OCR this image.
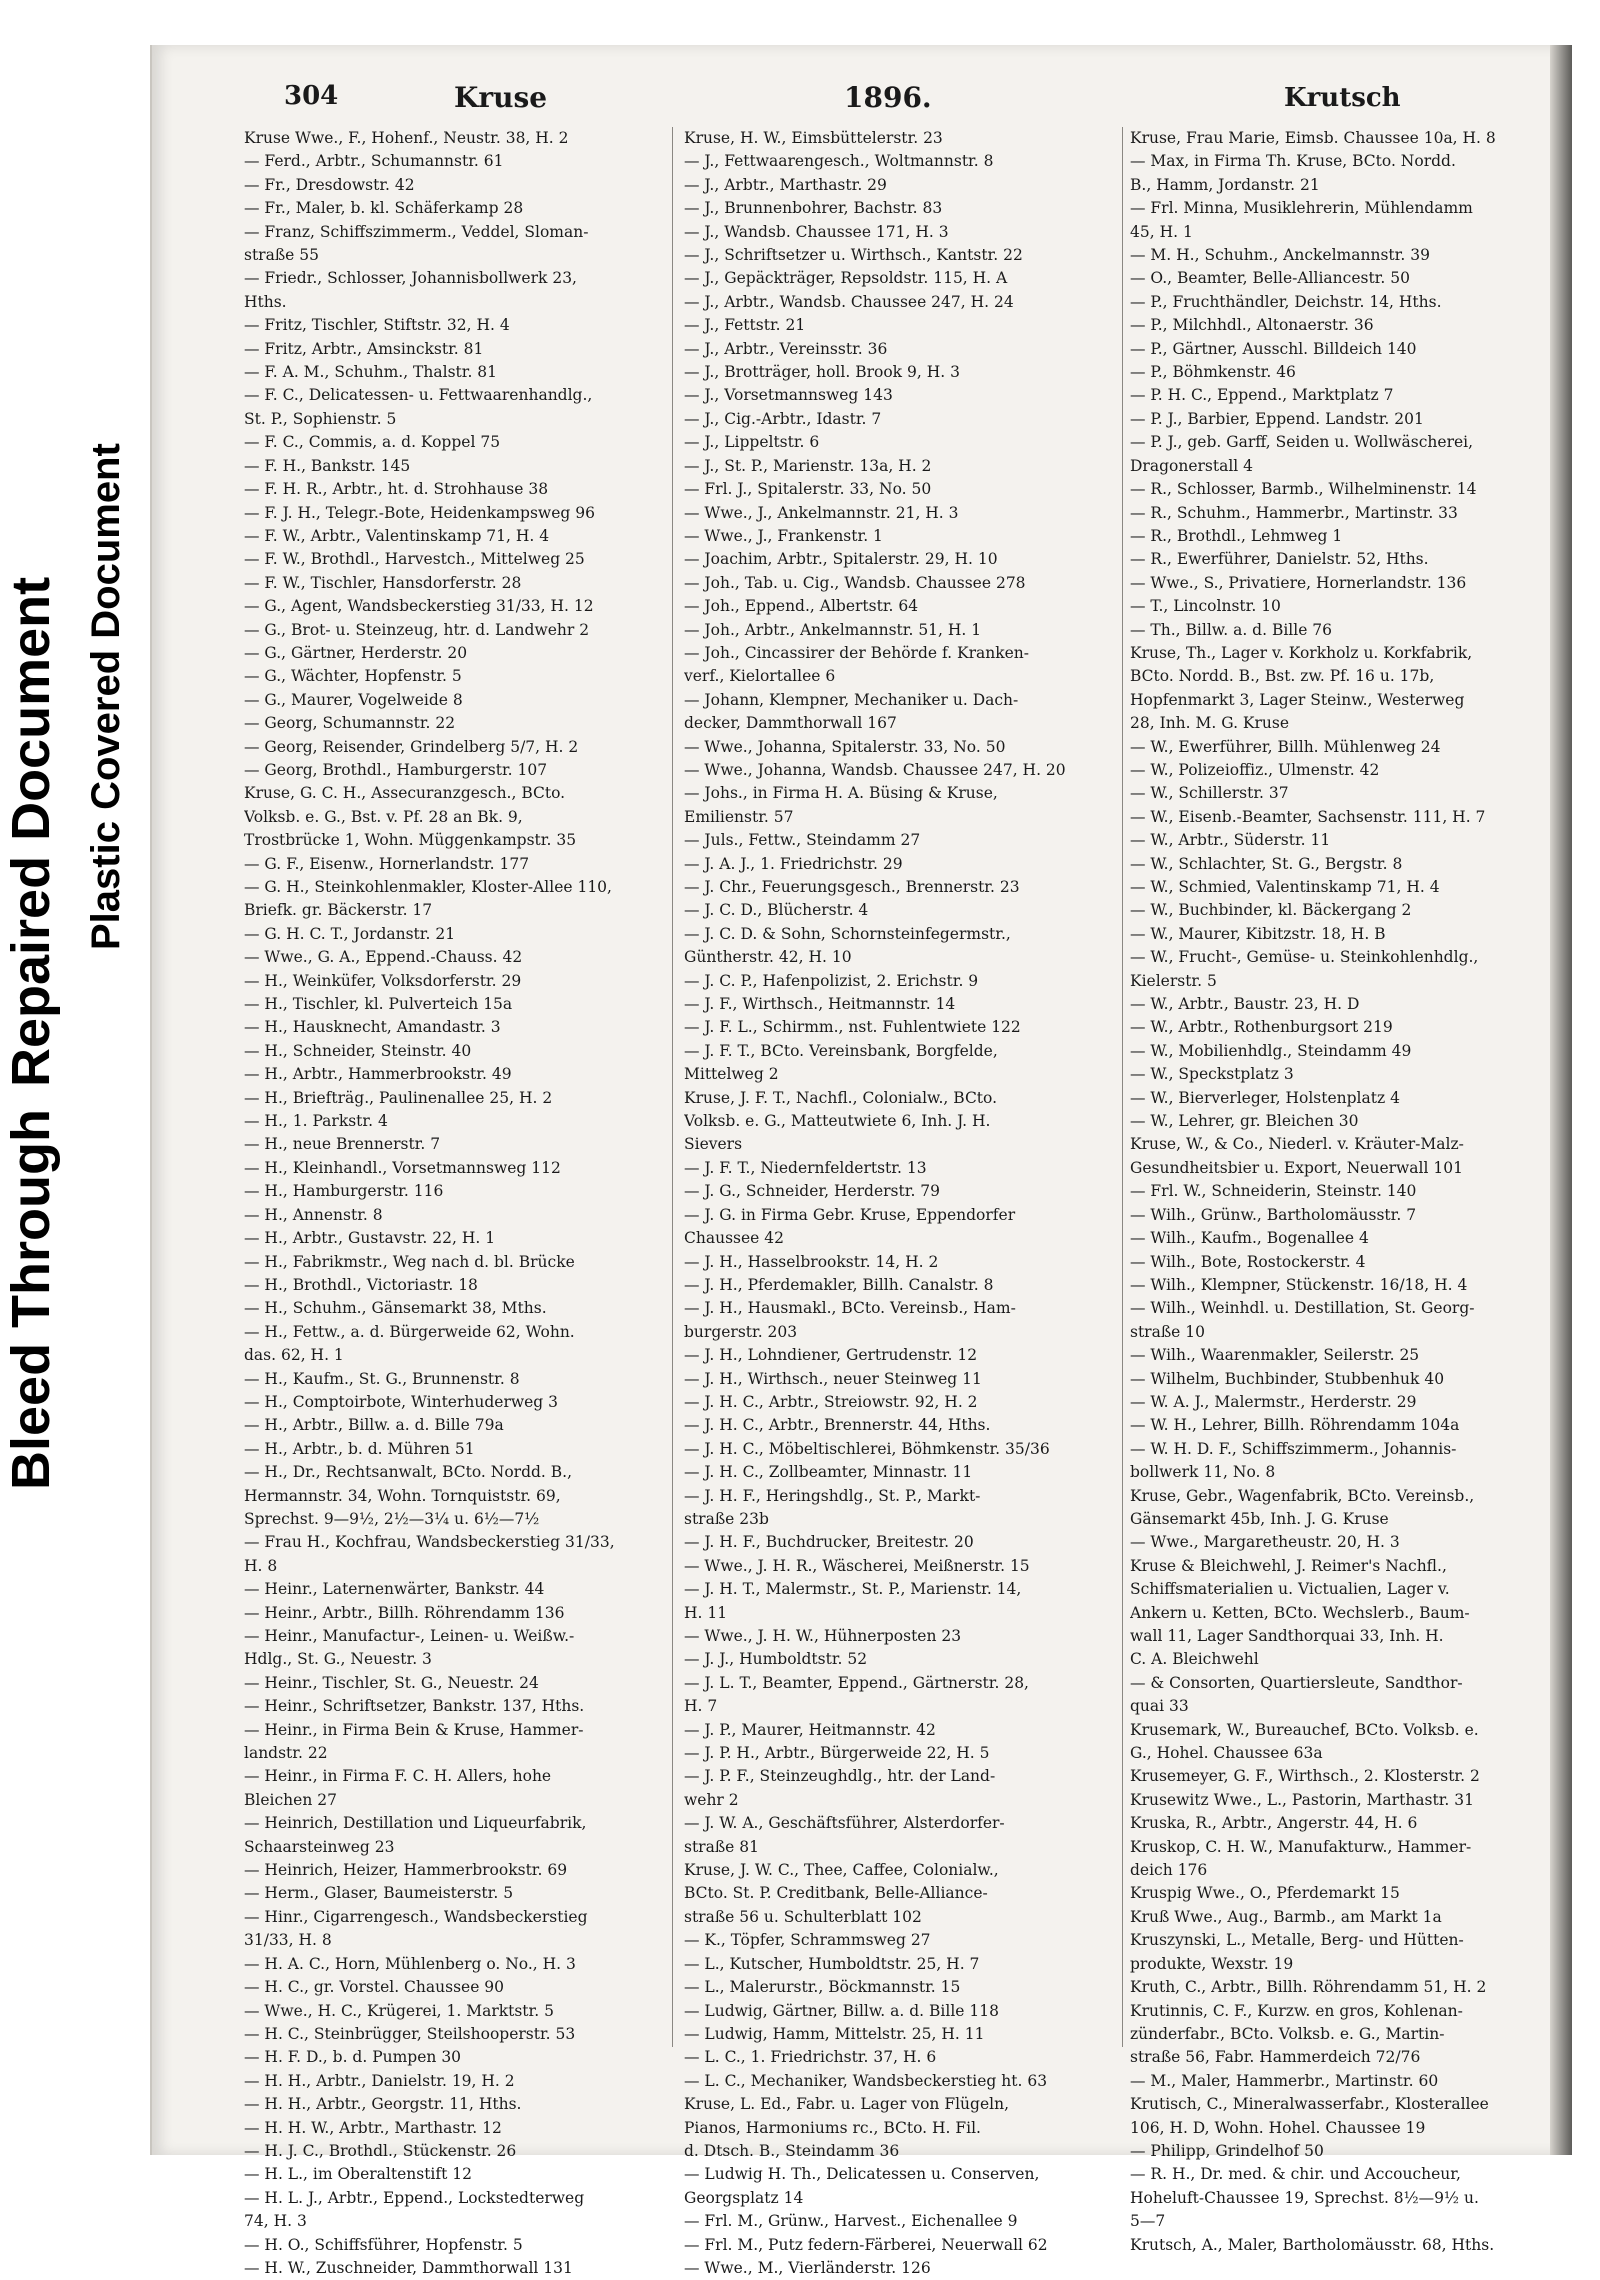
Bleed ThroughRepaired Document Plastic Covered Document
304	Kruse	1896.	Krutsch
Kruse Wwe., F., Hohenf., Neustr. 38, H. 2
— Ferd., Arbtr., Schumannstr. 61
— Fr., Dresdowstr. 42
— Fr., Maler, b. kl. Schäferkamp 28
— Franz, Schiffszimmerm., Veddel, Sloman-
straße 55
— Friedr., Schlosser, Johannisbollwerk 23,
Hths.
— Fritz, Tischler, Stiftstr. 32, H. 4
— Fritz, Arbtr., Amsinckstr. 81
— F. A. M., Schuhm., Thalstr. 81
— F. C., Delicatessen- u. Fettwaarenhandlg.,
St. P., Sophienstr. 5
— F. C., Commis, a. d. Koppel 75
— F. H., Bankstr. 145
— F. H. R., Arbtr., ht. d. Strohhause 38
— F. J. H., Telegr.-Bote, Heidenkampsweg 96
— F. W., Arbtr., Valentinskamp 71, H. 4
— F. W., Brothdl., Harvestch., Mittelweg 25
— F. W., Tischler, Hansdorferstr. 28
— G., Agent, Wandsbeckerstieg 31/33, H. 12
— G., Brot- u. Steinzeug, htr. d. Landwehr 2
— G., Gärtner, Herderstr. 20
— G., Wächter, Hopfenstr. 5
— G., Maurer, Vogelweide 8
— Georg, Schumannstr. 22
— Georg, Reisender, Grindelberg 5/7, H. 2
— Georg, Brothdl., Hamburgerstr. 107
Kruse, G. C. H., Assecuranzgesch., BCto.
Volksb. e. G., Bst. v. Pf. 28 an Bk. 9,
Trostbrücke 1, Wohn. Müggenkampstr. 35
— G. F., Eisenw., Hornerlandstr. 177
— G. H., Steinkohlenmakler, Kloster-Allee 110,
Briefk. gr. Bäckerstr. 17
— G. H. C. T., Jordanstr. 21
— Wwe., G. A., Eppend.-Chauss. 42
— H., Weinküfer, Volksdorferstr. 29
— H., Tischler, kl. Pulverteich 15a
— H., Hausknecht, Amandastr. 3
— H., Schneider, Steinstr. 40
— H., Arbtr., Hammerbrookstr. 49
— H., Briefträg., Paulinenallee 25, H. 2
— H., 1. Parkstr. 4
— H., neue Brennerstr. 7
— H., Kleinhandl., Vorsetmannsweg 112
— H., Hamburgerstr. 116
— H., Annenstr. 8
— H., Arbtr., Gustavstr. 22, H. 1
— H., Fabrikmstr., Weg nach d. bl. Brücke
— H., Brothdl., Victoriastr. 18
— H., Schuhm., Gänsemarkt 38, Mths.
— H., Fettw., a. d. Bürgerweide 62, Wohn.
das. 62, H. 1
— H., Kaufm., St. G., Brunnenstr. 8
— H., Comptoirbote, Winterhuderweg 3
— H., Arbtr., Billw. a. d. Bille 79a
— H., Arbtr., b. d. Mühren 51
— H., Dr., Rechtsanwalt, BCto. Nordd. B.,
Hermannstr. 34, Wohn. Tornquiststr. 69,
Sprechst. 9—9½, 2½—3¼ u. 6½—7½
— Frau H., Kochfrau, Wandsbeckerstieg 31/33,
H. 8
— Heinr., Laternenwärter, Bankstr. 44
— Heinr., Arbtr., Billh. Röhrendamm 136
— Heinr., Manufactur-, Leinen- u. Weißw.-
Hdlg., St. G., Neuestr. 3
— Heinr., Tischler, St. G., Neuestr. 24
— Heinr., Schriftsetzer, Bankstr. 137, Hths.
— Heinr., in Firma Bein & Kruse, Hammer-
landstr. 22
— Heinr., in Firma F. C. H. Allers, hohe
Bleichen 27
— Heinrich, Destillation und Liqueurfabrik,
Schaarsteinweg 23
— Heinrich, Heizer, Hammerbrookstr. 69
— Herm., Glaser, Baumeisterstr. 5
— Hinr., Cigarrengesch., Wandsbeckerstieg
31/33, H. 8
— H. A. C., Horn, Mühlenberg o. No., H. 3
— H. C., gr. Vorstel. Chaussee 90
— Wwe., H. C., Krügerei, 1. Marktstr. 5
— H. C., Steinbrügger, Steilshooperstr. 53
— H. F. D., b. d. Pumpen 30
— H. H., Arbtr., Danielstr. 19, H. 2
— H. H., Arbtr., Georgstr. 11, Hths.
— H. H. W., Arbtr., Marthastr. 12
— H. J. C., Brothdl., Stückenstr. 26
— H. L., im Oberaltenstift 12
— H. L. J., Arbtr., Eppend., Lockstedterweg
74, H. 3
— H. O., Schiffsführer, Hopfenstr. 5
— H. W., Zuschneider, Dammthorwall 131
Kruse, H. W., Eimsbüttelerstr. 23
— J., Fettwaarengesch., Woltmannstr. 8
— J., Arbtr., Marthastr. 29
— J., Brunnenbohrer, Bachstr. 83
— J., Wandsb. Chaussee 171, H. 3
— J., Schriftsetzer u. Wirthsch., Kantstr. 22
— J., Gepäckträger, Repsoldstr. 115, H. A
— J., Arbtr., Wandsb. Chaussee 247, H. 24
— J., Fettstr. 21
— J., Arbtr., Vereinsstr. 36
— J., Brotträger, holl. Brook 9, H. 3
— J., Vorsetmannsweg 143
— J., Cig.-Arbtr., Idastr. 7
— J., Lippeltstr. 6
— J., St. P., Marienstr. 13a, H. 2
— Frl. J., Spitalerstr. 33, No. 50
— Wwe., J., Ankelmannstr. 21, H. 3
— Wwe., J., Frankenstr. 1
— Joachim, Arbtr., Spitalerstr. 29, H. 10
— Joh., Tab. u. Cig., Wandsb. Chaussee 278
— Joh., Eppend., Albertstr. 64
— Joh., Arbtr., Ankelmannstr. 51, H. 1
— Joh., Cincassirer der Behörde f. Kranken-
verf., Kielortallee 6
— Johann, Klempner, Mechaniker u. Dach-
decker, Dammthorwall 167
— Wwe., Johanna, Spitalerstr. 33, No. 50
— Wwe., Johanna, Wandsb. Chaussee 247, H. 20
— Johs., in Firma H. A. Büsing & Kruse,
Emilienstr. 57
— Juls., Fettw., Steindamm 27
— J. A. J., 1. Friedrichstr. 29
— J. Chr., Feuerungsgesch., Brennerstr. 23
— J. C. D., Blücherstr. 4
— J. C. D. & Sohn, Schornsteinfegermstr.,
Güntherstr. 42, H. 10
— J. C. P., Hafenpolizist, 2. Erichstr. 9
— J. F., Wirthsch., Heitmannstr. 14
— J. F. L., Schirmm., nst. Fuhlentwiete 122
— J. F. T., BCto. Vereinsbank, Borgfelde,
Mittelweg 2
Kruse, J. F. T., Nachfl., Colonialw., BCto.
Volksb. e. G., Matteutwiete 6, Inh. J. H.
Sievers
— J. F. T., Niedernfeldertstr. 13
— J. G., Schneider, Herderstr. 79
— J. G. in Firma Gebr. Kruse, Eppendorfer
Chaussee 42
— J. H., Hasselbrookstr. 14, H. 2
— J. H., Pferdemakler, Billh. Canalstr. 8
— J. H., Hausmakl., BCto. Vereinsb., Ham-
burgerstr. 203
— J. H., Lohndiener, Gertrudenstr. 12
— J. H., Wirthsch., neuer Steinweg 11
— J. H. C., Arbtr., Streiowstr. 92, H. 2
— J. H. C., Arbtr., Brennerstr. 44, Hths.
— J. H. C., Möbeltischlerei, Böhmkenstr. 35/36
— J. H. C., Zollbeamter, Minnastr. 11
— J. H. F., Heringshdlg., St. P., Markt-
straße 23b
— J. H. F., Buchdrucker, Breitestr. 20
— Wwe., J. H. R., Wäscherei, Meißnerstr. 15
— J. H. T., Malermstr., St. P., Marienstr. 14,
H. 11
— Wwe., J. H. W., Hühnerposten 23
— J. J., Humboldtstr. 52
— J. L. T., Beamter, Eppend., Gärtnerstr. 28,
H. 7
— J. P., Maurer, Heitmannstr. 42
— J. P. H., Arbtr., Bürgerweide 22, H. 5
— J. P. F., Steinzeughdlg., htr. der Land-
wehr 2
— J. W. A., Geschäftsführer, Alsterdorfer-
straße 81
Kruse, J. W. C., Thee, Caffee, Colonialw.,
BCto. St. P. Creditbank, Belle-Alliance-
straße 56 u. Schulterblatt 102
— K., Töpfer, Schrammsweg 27
— L., Kutscher, Humboldtstr. 25, H. 7
— L., Malerurstr., Böckmannstr. 15
— Ludwig, Gärtner, Billw. a. d. Bille 118
— Ludwig, Hamm, Mittelstr. 25, H. 11
— L. C., 1. Friedrichstr. 37, H. 6
— L. C., Mechaniker, Wandsbeckerstieg ht. 63
Kruse, L. Ed., Fabr. u. Lager von Flügeln,
Pianos, Harmoniums rc., BCto. H. Fil.
d. Dtsch. B., Steindamm 36
— Ludwig H. Th., Delicatessen u. Conserven,
Georgsplatz 14
— Frl. M., Grünw., Harvest., Eichenallee 9
— Frl. M., Putz federn-Färberei, Neuerwall 62
— Wwe., M., Vierländerstr. 126
Kruse, Frau Marie, Eimsb. Chaussee 10a, H. 8
— Max, in Firma Th. Kruse, BCto. Nordd.
B., Hamm, Jordanstr. 21
— Frl. Minna, Musiklehrerin, Mühlendamm
45, H. 1
— M. H., Schuhm., Anckelmannstr. 39
— O., Beamter, Belle-Alliancestr. 50
— P., Fruchthändler, Deichstr. 14, Hths.
— P., Milchhdl., Altonaerstr. 36
— P., Gärtner, Ausschl. Billdeich 140
— P., Böhmkenstr. 46
— P. H. C., Eppend., Marktplatz 7
— P. J., Barbier, Eppend. Landstr. 201
— P. J., geb. Garff, Seiden u. Wollwäscherei,
Dragonerstall 4
— R., Schlosser, Barmb., Wilhelminenstr. 14
— R., Schuhm., Hammerbr., Martinstr. 33
— R., Brothdl., Lehmweg 1
— R., Ewerführer, Danielstr. 52, Hths.
— Wwe., S., Privatiere, Hornerlandstr. 136
— T., Lincolnstr. 10
— Th., Billw. a. d. Bille 76
Kruse, Th., Lager v. Korkholz u. Korkfabrik,
BCto. Nordd. B., Bst. zw. Pf. 16 u. 17b,
Hopfenmarkt 3, Lager Steinw., Westerweg
28, Inh. M. G. Kruse
— W., Ewerführer, Billh. Mühlenweg 24
— W., Polizeioffiz., Ulmenstr. 42
— W., Schillerstr. 37
— W., Eisenb.-Beamter, Sachsenstr. 111, H. 7
— W., Arbtr., Süderstr. 11
— W., Schlachter, St. G., Bergstr. 8
— W., Schmied, Valentinskamp 71, H. 4
— W., Buchbinder, kl. Bäckergang 2
— W., Maurer, Kibitzstr. 18, H. B
— W., Frucht-, Gemüse- u. Steinkohlenhdlg.,
Kielerstr. 5
— W., Arbtr., Baustr. 23, H. D
— W., Arbtr., Rothenburgsort 219
— W., Mobilienhdlg., Steindamm 49
— W., Speckstplatz 3
— W., Bierverleger, Holstenplatz 4
— W., Lehrer, gr. Bleichen 30
Kruse, W., & Co., Niederl. v. Kräuter-Malz-
Gesundheitsbier u. Export, Neuerwall 101
— Frl. W., Schneiderin, Steinstr. 140
— Wilh., Grünw., Bartholomäusstr. 7
— Wilh., Kaufm., Bogenallee 4
— Wilh., Bote, Rostockerstr. 4
— Wilh., Klempner, Stückenstr. 16/18, H. 4
— Wilh., Weinhdl. u. Destillation, St. Georg-
straße 10
— Wilh., Waarenmakler, Seilerstr. 25
— Wilhelm, Buchbinder, Stubbenhuk 40
— W. A. J., Malermstr., Herderstr. 29
— W. H., Lehrer, Billh. Röhrendamm 104a
— W. H. D. F., Schiffszimmerm., Johannis-
bollwerk 11, No. 8
Kruse, Gebr., Wagenfabrik, BCto. Vereinsb.,
Gänsemarkt 45b, Inh. J. G. Kruse
— Wwe., Margaretheustr. 20, H. 3
Kruse & Bleichwehl, J. Reimer's Nachfl.,
Schiffsmaterialien u. Victualien, Lager v.
Ankern u. Ketten, BCto. Wechslerb., Baum-
wall 11, Lager Sandthorquai 33, Inh. H.
C. A. Bleichwehl
— & Consorten, Quartiersleute, Sandthor-
quai 33
Krusemark, W., Bureauchef, BCto. Volksb. e.
G., Hohel. Chaussee 63a
Krusemeyer, G. F., Wirthsch., 2. Klosterstr. 2
Krusewitz Wwe., L., Pastorin, Marthastr. 31
Kruska, R., Arbtr., Angerstr. 44, H. 6
Kruskop, C. H. W., Manufakturw., Hammer-
deich 176
Kruspig Wwe., O., Pferdemarkt 15
Kruß Wwe., Aug., Barmb., am Markt 1a
Kruszynski, L., Metalle, Berg- und Hütten-
produkte, Wexstr. 19
Kruth, C., Arbtr., Billh. Röhrendamm 51, H. 2
Krutinnis, C. F., Kurzw. en gros, Kohlenan-
zünderfabr., BCto. Volksb. e. G., Martin-
straße 56, Fabr. Hammerdeich 72/76
— M., Maler, Hammerbr., Martinstr. 60
Krutisch, C., Mineralwasserfabr., Klosterallee
106, H. D, Wohn. Hohel. Chaussee 19
— Philipp, Grindelhof 50
— R. H., Dr. med. & chir. und Accoucheur,
Hoheluft-Chaussee 19, Sprechst. 8½—9½ u.
5—7
Krutsch, A., Maler, Bartholomäusstr. 68, Hths.
